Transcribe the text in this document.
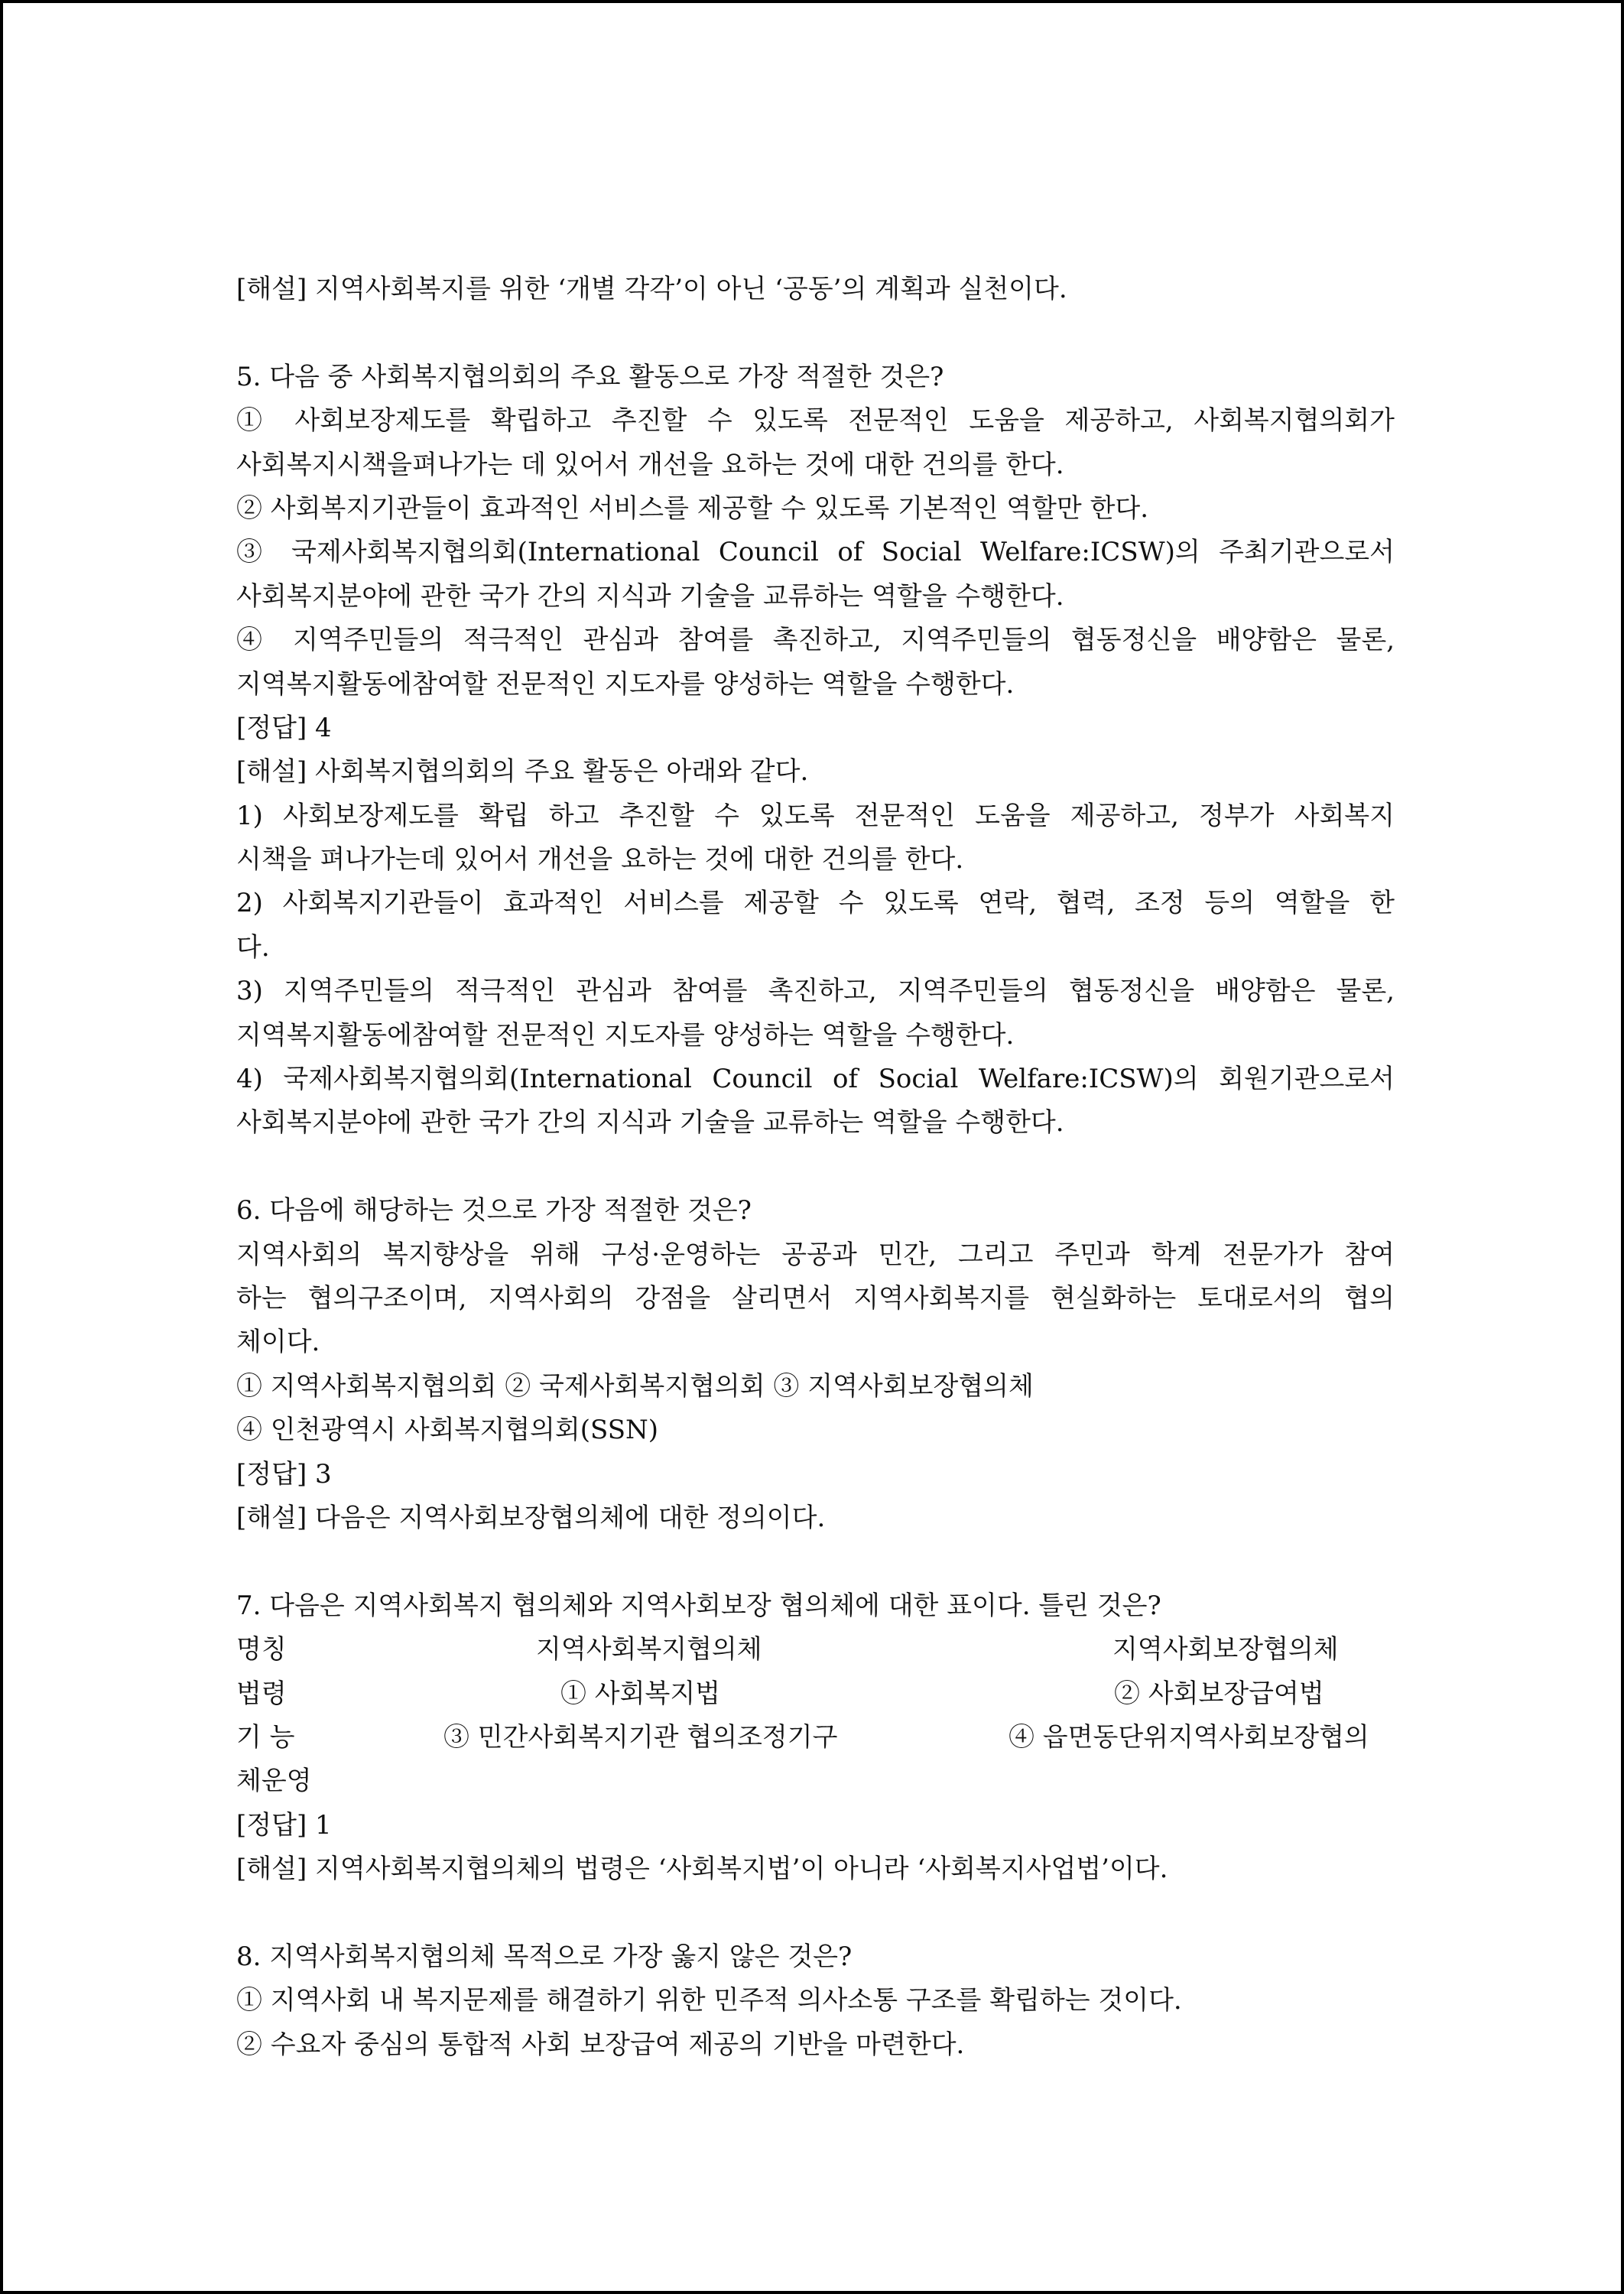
[해설] 지역사회복지를 위한 ‘개별 각각’이 아닌 ‘공동’의 계획과 실천이다.
5. 다음 중 사회복지협의회의 주요 활동으로 가장 적절한 것은?
① 사회보장제도를 확립하고 추진할 수 있도록 전문적인 도움을 제공하고, 사회복지협의회가
사회복지시책을펴나가는 데 있어서 개선을 요하는 것에 대한 건의를 한다.
② 사회복지기관들이 효과적인 서비스를 제공할 수 있도록 기본적인 역할만 한다.
③ 국제사회복지협의회(International Council of Social Welfare:ICSW)의 주최기관으로서
사회복지분야에 관한 국가 간의 지식과 기술을 교류하는 역할을 수행한다.
④ 지역주민들의 적극적인 관심과 참여를 촉진하고, 지역주민들의 협동정신을 배양함은 물론,
지역복지활동에참여할 전문적인 지도자를 양성하는 역할을 수행한다.
[정답] 4
[해설] 사회복지협의회의 주요 활동은 아래와 같다.
1) 사회보장제도를 확립 하고 추진할 수 있도록 전문적인 도움을 제공하고, 정부가 사회복지
시책을 펴나가는데 있어서 개선을 요하는 것에 대한 건의를 한다.
2) 사회복지기관들이 효과적인 서비스를 제공할 수 있도록 연락, 협력, 조정 등의 역할을 한
다.
3) 지역주민들의 적극적인 관심과 참여를 촉진하고, 지역주민들의 협동정신을 배양함은 물론,
지역복지활동에참여할 전문적인 지도자를 양성하는 역할을 수행한다.
4) 국제사회복지협의회(International Council of Social Welfare:ICSW)의 회원기관으로서
사회복지분야에 관한 국가 간의 지식과 기술을 교류하는 역할을 수행한다.
6. 다음에 해당하는 것으로 가장 적절한 것은?
지역사회의 복지향상을 위해 구성·운영하는 공공과 민간, 그리고 주민과 학계 전문가가 참여
하는 협의구조이며, 지역사회의 강점을 살리면서 지역사회복지를 현실화하는 토대로서의 협의
체이다.
① 지역사회복지협의회 ② 국제사회복지협의회 ③ 지역사회보장협의체
④ 인천광역시 사회복지협의회(SSN)
[정답] 3
[해설] 다음은 지역사회보장협의체에 대한 정의이다.
7. 다음은 지역사회복지 협의체와 지역사회보장 협의체에 대한 표이다. 틀린 것은?
명칭	지역사회복지협의체	지역사회보장협의체
법령	① 사회복지법	② 사회보장급여법
기 능	③ 민간사회복지기관 협의조정기구	④ 읍면동단위지역사회보장협의
체운영
[정답] 1
[해설] 지역사회복지협의체의 법령은 ‘사회복지법’이 아니라 ‘사회복지사업법’이다.
8. 지역사회복지협의체 목적으로 가장 옳지 않은 것은?
① 지역사회 내 복지문제를 해결하기 위한 민주적 의사소통 구조를 확립하는 것이다.
② 수요자 중심의 통합적 사회 보장급여 제공의 기반을 마련한다.
